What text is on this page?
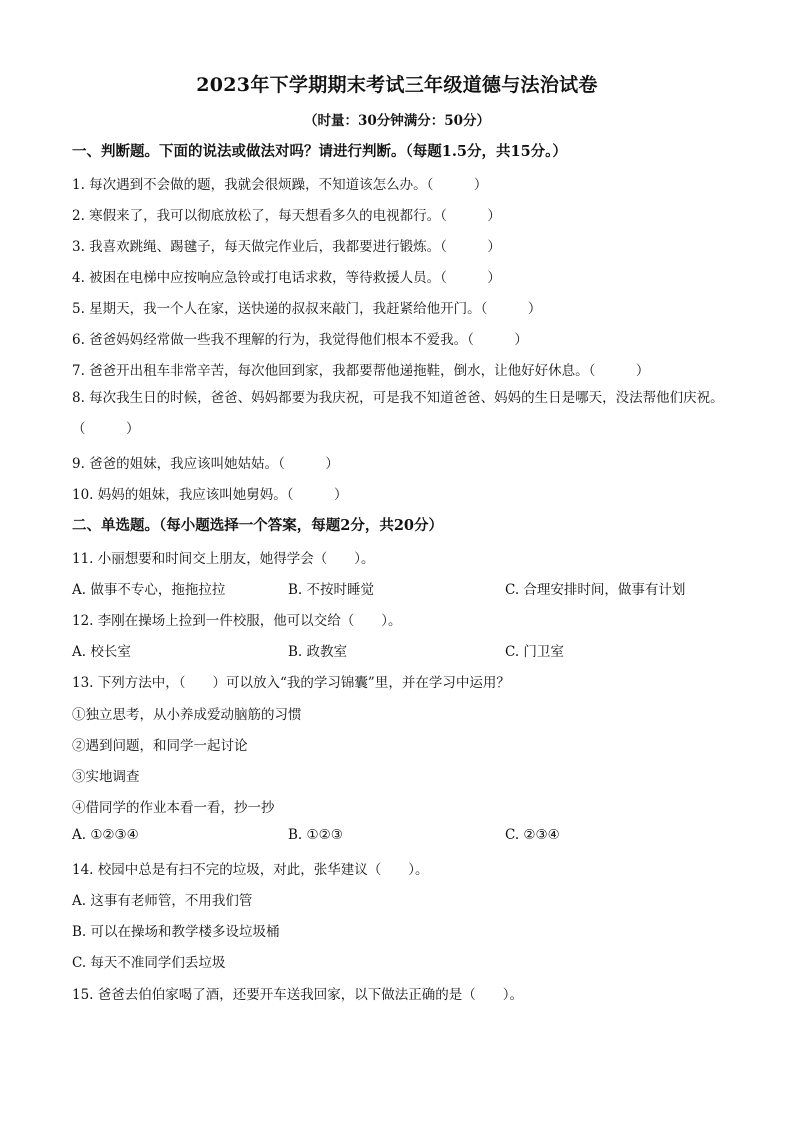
2023年下学期期末考试三年级道德与法治试卷
（时量：30分钟满分：50分）
一、判断题。下面的说法或做法对吗？请进行判断。（每题1.5分，共15分。）
1. 每次遇到不会做的题，我就会很烦躁，不知道该怎么办。（　　　）
2. 寒假来了，我可以彻底放松了，每天想看多久的电视都行。（　　　）
3. 我喜欢跳绳、踢毽子，每天做完作业后，我都要进行锻炼。（　　　）
4. 被困在电梯中应按响应急铃或打电话求救，等待救援人员。（　　　）
5. 星期天，我一个人在家，送快递的叔叔来敲门，我赶紧给他开门。（　　　）
6. 爸爸妈妈经常做一些我不理解的行为，我觉得他们根本不爱我。（　　　）
7. 爸爸开出租车非常辛苦，每次他回到家，我都要帮他递拖鞋，倒水，让他好好休息。（　　　）
8. 每次我生日的时候，爸爸、妈妈都要为我庆祝，可是我不知道爸爸、妈妈的生日是哪天，没法帮他们庆祝。（　　　）
9. 爸爸的姐妹，我应该叫她姑姑。（　　　）
10. 妈妈的姐妹，我应该叫她舅妈。（　　　）
二、单选题。（每小题选择一个答案，每题2分，共20分）
11. 小丽想要和时间交上朋友，她得学会（　　）。
A. 做事不专心，拖拖拉拉	B. 不按时睡觉	C. 合理安排时间，做事有计划
12. 李刚在操场上捡到一件校服，他可以交给（　　）。
A. 校长室	B. 政教室	C. 门卫室
13. 下列方法中，（　　）可以放入“我的学习锦囊”里，并在学习中运用？
①独立思考，从小养成爱动脑筋的习惯
②遇到问题，和同学一起讨论
③实地调查
④借同学的作业本看一看，抄一抄
A. ①②③④	B. ①②③	C. ②③④
14. 校园中总是有扫不完的垃圾，对此，张华建议（　　）。
A. 这事有老师管，不用我们管
B. 可以在操场和教学楼多设垃圾桶
C. 每天不准同学们丢垃圾
15. 爸爸去伯伯家喝了酒，还要开车送我回家，以下做法正确的是（　　）。
